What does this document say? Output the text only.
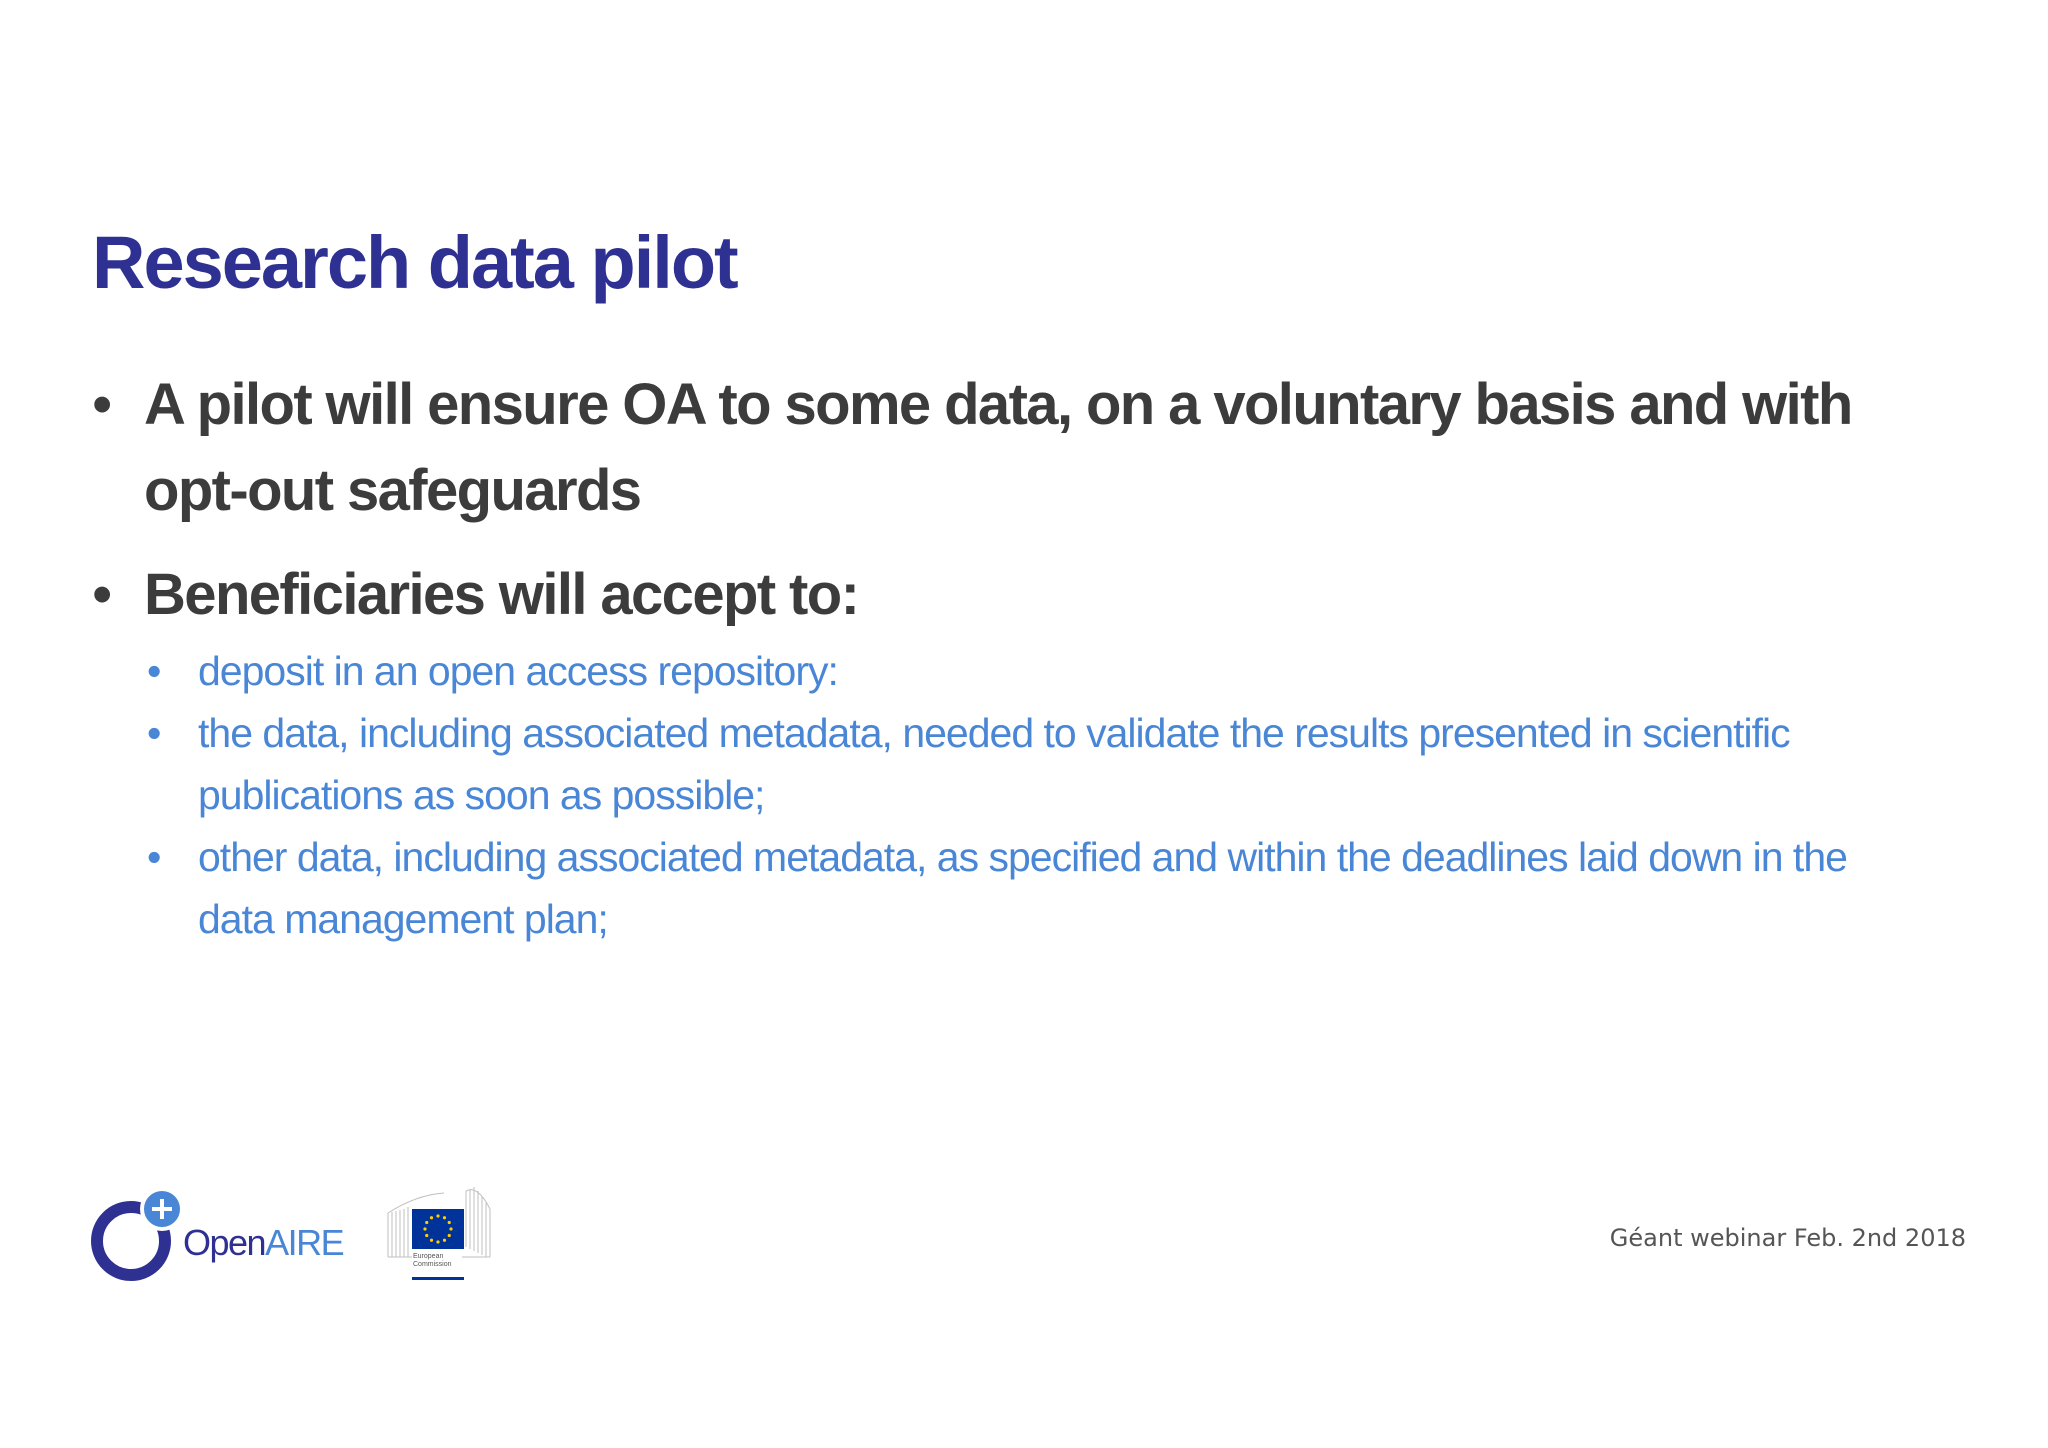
Research data pilot
• A pilot will ensure OA to some data, on a voluntary basis and with opt-out safeguards
• Beneficiaries will accept to:
• deposit in an open access repository:
• the data, including associated metadata, needed to validate the results presented in scientific publications as soon as possible;
• other data, including associated metadata, as specified and within the deadlines laid down in the data management plan;
OpenAIRE	European
Commission
Géant webinar Feb. 2nd 2018
